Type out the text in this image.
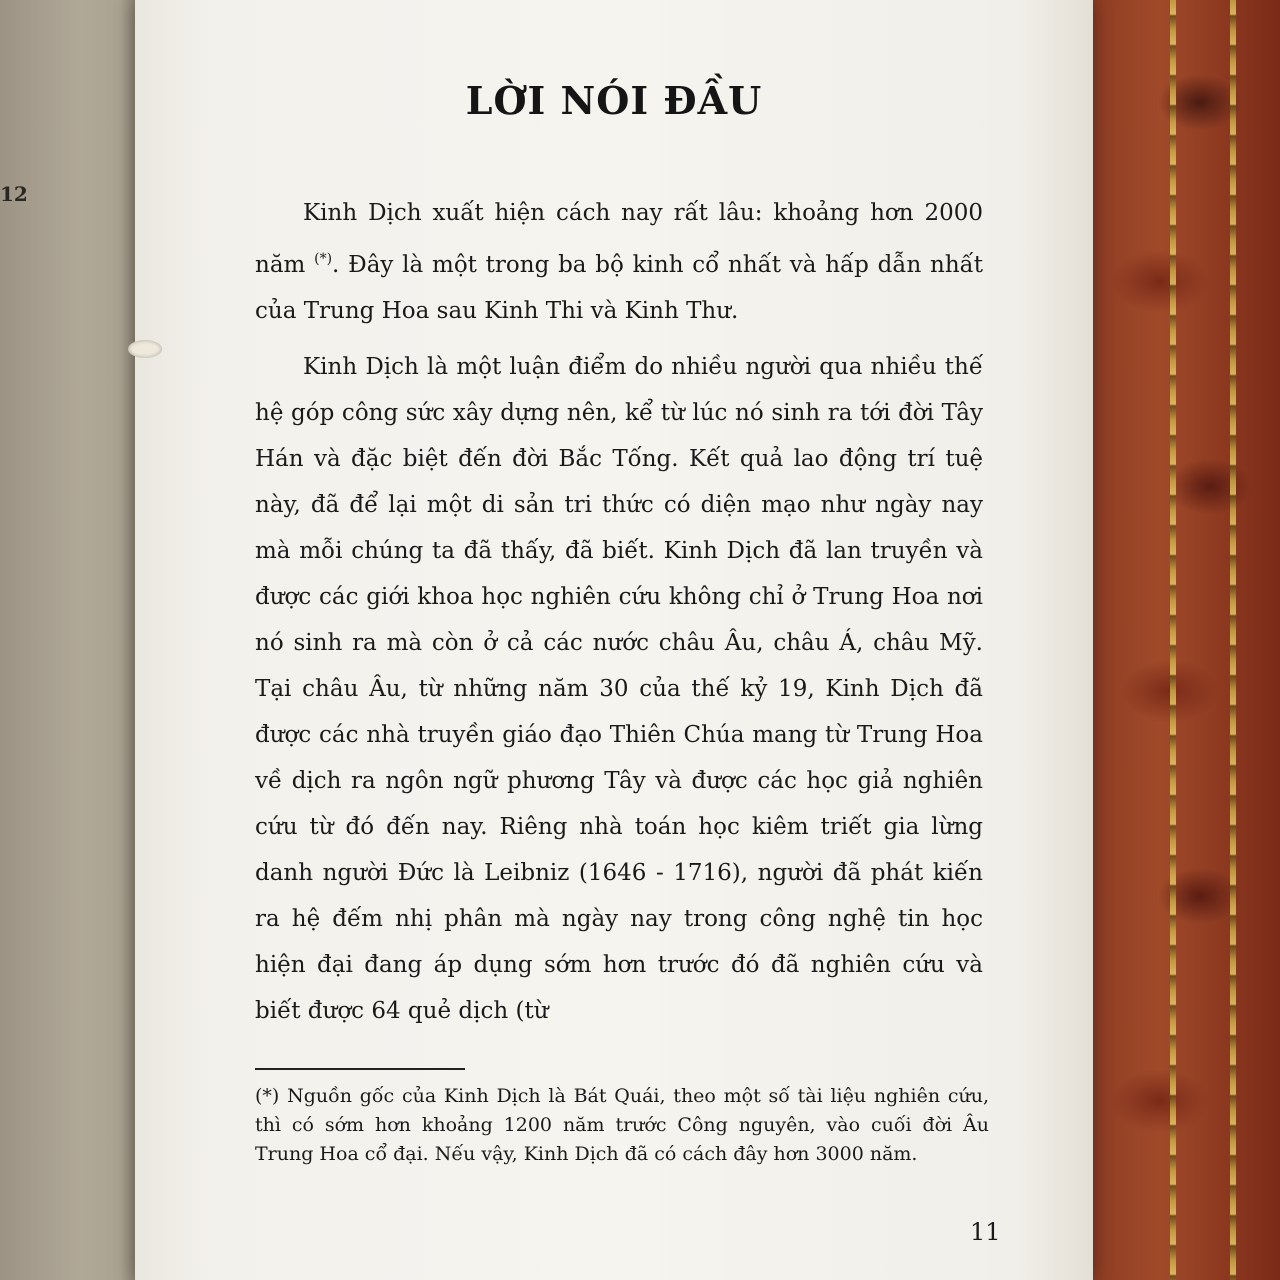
12
LỜI NÓI ĐẦU

Kinh Dịch xuất hiện cách nay rất lâu: khoảng hơn 2000 năm (*). Đây là một trong ba bộ kinh cổ nhất và hấp dẫn nhất của Trung Hoa sau Kinh Thi và Kinh Thư.

Kinh Dịch là một luận điểm do nhiều người qua nhiều thế hệ góp công sức xây dựng nên, kể từ lúc nó sinh ra tới đời Tây Hán và đặc biệt đến đời Bắc Tống. Kết quả lao động trí tuệ này, đã để lại một di sản tri thức có diện mạo như ngày nay mà mỗi chúng ta đã thấy, đã biết. Kinh Dịch đã lan truyền và được các giới khoa học nghiên cứu không chỉ ở Trung Hoa nơi nó sinh ra mà còn ở cả các nước châu Âu, châu Á, châu Mỹ. Tại châu Âu, từ những năm 30 của thế kỷ 19, Kinh Dịch đã được các nhà truyền giáo đạo Thiên Chúa mang từ Trung Hoa về dịch ra ngôn ngữ phương Tây và được các học giả nghiên cứu từ đó đến nay. Riêng nhà toán học kiêm triết gia lừng danh người Đức là Leibniz (1646 - 1716), người đã phát kiến ra hệ đếm nhị phân mà ngày nay trong công nghệ tin học hiện đại đang áp dụng sớm hơn trước đó đã nghiên cứu và biết được 64 quẻ dịch (từ

(*) Nguồn gốc của Kinh Dịch là Bát Quái, theo một số tài liệu nghiên cứu, thì có sớm hơn khoảng 1200 năm trước Công nguyên, vào cuối đời Âu Trung Hoa cổ đại. Nếu vậy, Kinh Dịch đã có cách đây hơn 3000 năm.
11
